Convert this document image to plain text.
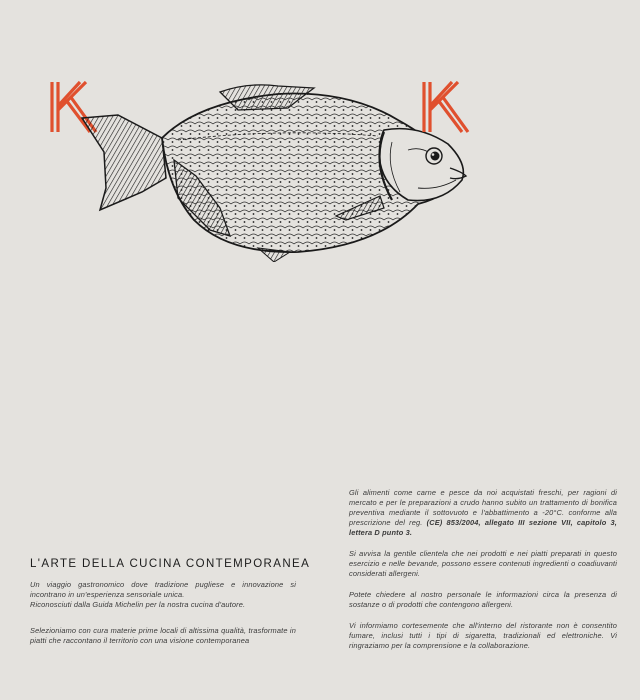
L'ARTE DELLA CUCINA CONTEMPORANEA
Un viaggio gastronomico dove tradizione pugliese e innovazione si incontrano in un'esperienza sensoriale unica.
Riconosciuti dalla Guida Michelin per la nostra cucina d'autore.

Selezioniamo con cura materie prime locali di altissima qualità, trasformate in piatti che raccontano il territorio con una visione contemporanea

Gli alimenti come carne e pesce da noi acquistati freschi, per ragioni di mercato e per le preparazioni a crudo hanno subito un trattamento di bonifica preventiva mediante il sottovuoto e l'abbattimento a -20°C. conforme alla prescrizione del reg. (CE) 853/2004, allegato III sezione VII, capitolo 3, lettera D punto 3.

Si avvisa la gentile clientela che nei prodotti e nei piatti preparati in questo esercizio e nelle bevande, possono essere contenuti ingredienti o coadiuvanti considerati allergeni.

Potete chiedere al nostro personale le informazioni circa la presenza di sostanze o di prodotti che contengono allergeni.

Vi informiamo cortesemente che all'interno del ristorante non è consentito fumare, inclusi tutti i tipi di sigaretta, tradizionali ed elettroniche. Vi ringraziamo per la comprensione e la collaborazione.
